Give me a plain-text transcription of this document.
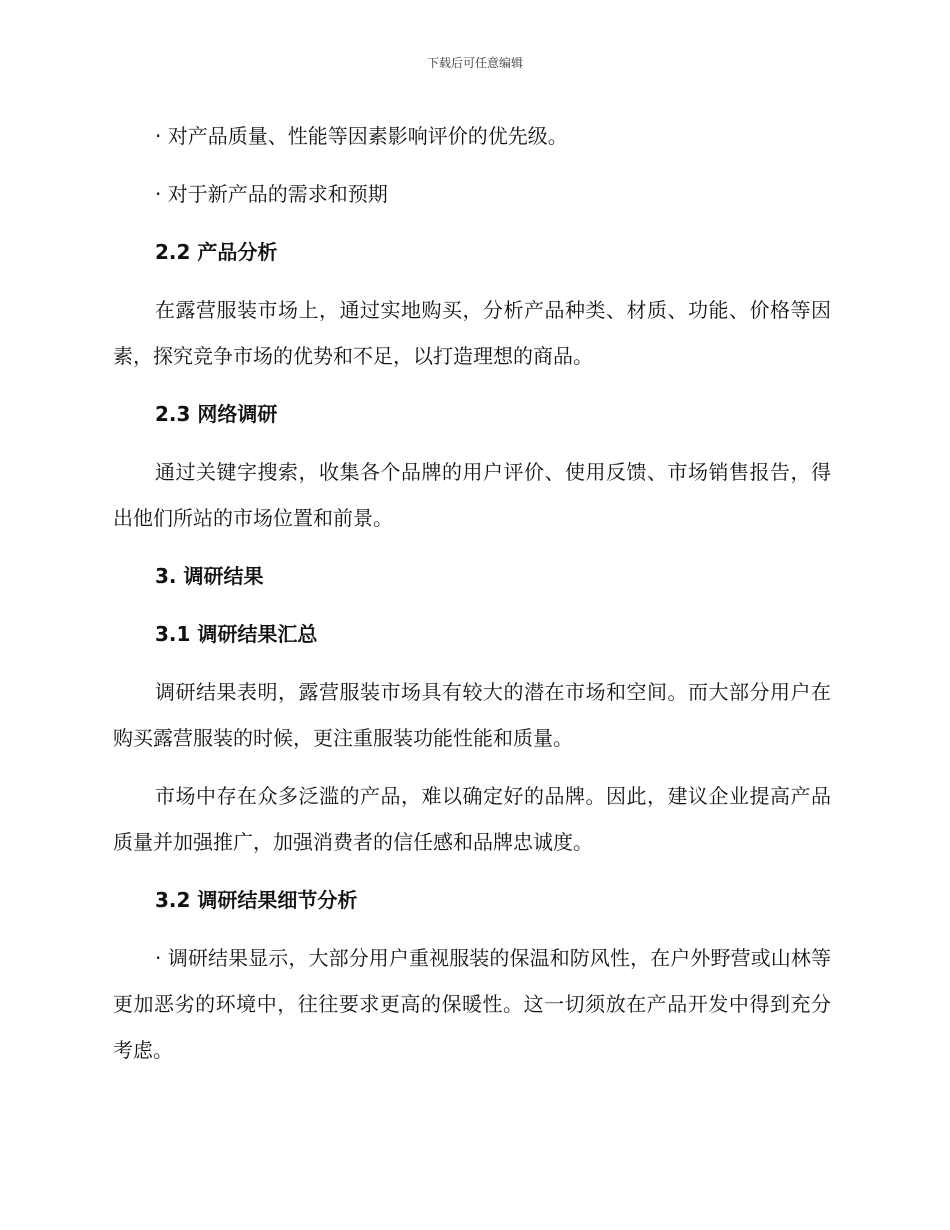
下载后可任意编辑

· 对产品质量、性能等因素影响评价的优先级。

· 对于新产品的需求和预期

2.2 产品分析

在露营服装市场上，通过实地购买，分析产品种类、材质、功能、价格等因素，探究竞争市场的优势和不足，以打造理想的商品。

2.3 网络调研

通过关键字搜索，收集各个品牌的用户评价、使用反馈、市场销售报告，得出他们所站的市场位置和前景。

3. 调研结果

3.1 调研结果汇总

调研结果表明，露营服装市场具有较大的潜在市场和空间。而大部分用户在购买露营服装的时候，更注重服装功能性能和质量。

市场中存在众多泛滥的产品，难以确定好的品牌。因此，建议企业提高产品质量并加强推广，加强消费者的信任感和品牌忠诚度。

3.2 调研结果细节分析

· 调研结果显示，大部分用户重视服装的保温和防风性，在户外野营或山林等更加恶劣的环境中，往往要求更高的保暖性。这一切须放在产品开发中得到充分考虑。
